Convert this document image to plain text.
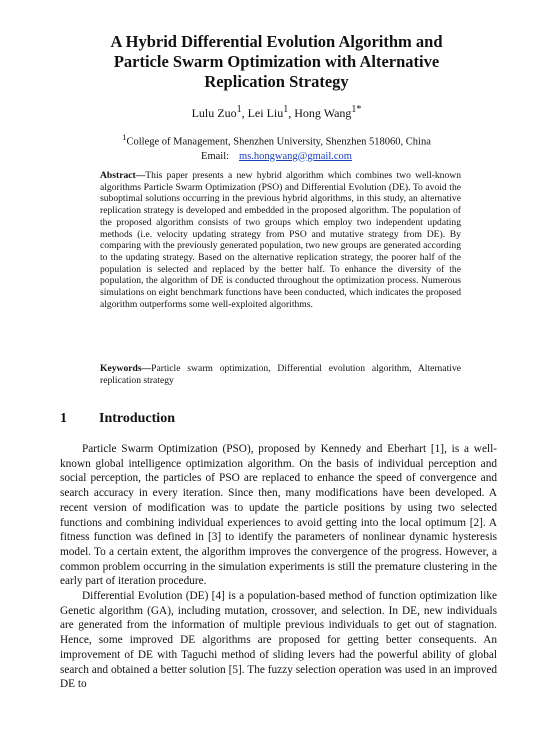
A Hybrid Differential Evolution Algorithm and
Particle Swarm Optimization with Alternative
Replication Strategy
Lulu Zuo$^1$, Lei Liu$^1$, Hong Wang$^{1*}$
$^1$College of Management, Shenzhen University, Shenzhen 518060, China
Email: ms.hongwang@gmail.com
Abstract—This paper presents a new hybrid algorithm which combines two well-known algorithms Particle Swarm Optimization (PSO) and Differential Evolution (DE). To avoid the suboptimal solutions occurring in the previous hybrid algorithms, in this study, an alternative replication strategy is developed and embedded in the proposed algorithm. The population of the proposed algorithm consists of two groups which employ two independent updating methods (i.e. velocity updating strategy from PSO and mutative strategy from DE). By comparing with the previously generated population, two new groups are generated according to the updating strategy. Based on the alternative replication strategy, the poorer half of the population is selected and replaced by the better half. To enhance the diversity of the population, the algorithm of DE is conducted throughout the optimization process. Numerous simulations on eight benchmark functions have been conducted, which indicates the proposed algorithm outperforms some well-exploited algorithms.
Keywords—Particle swarm optimization, Differential evolution algorithm, Alternative replication strategy
1 Introduction

Particle Swarm Optimization (PSO), proposed by Kennedy and Eberhart [1], is a well-known global intelligence optimization algorithm. On the basis of individual perception and social perception, the particles of PSO are replaced to enhance the speed of convergence and search accuracy in every iteration. Since then, many modifications have been developed. A recent version of modification was to update the particle positions by using two selected functions and combining individual experiences to avoid getting into the local optimum [2]. A fitness function was defined in [3] to identify the parameters of nonlinear dynamic hysteresis model. To a certain extent, the algorithm improves the convergence of the progress. However, a common problem occurring in the simulation experiments is still the premature clustering in the early part of iteration procedure.

Differential Evolution (DE) [4] is a population-based method of function optimization like Genetic algorithm (GA), including mutation, crossover, and selection. In DE, new individuals are generated from the information of multiple previous individuals to get out of stagnation. Hence, some improved DE algorithms are proposed for getting better consequents. An improvement of DE with Taguchi method of sliding levers had the powerful ability of global search and obtained a better solution [5]. The fuzzy selection operation was used in an improved DE to
